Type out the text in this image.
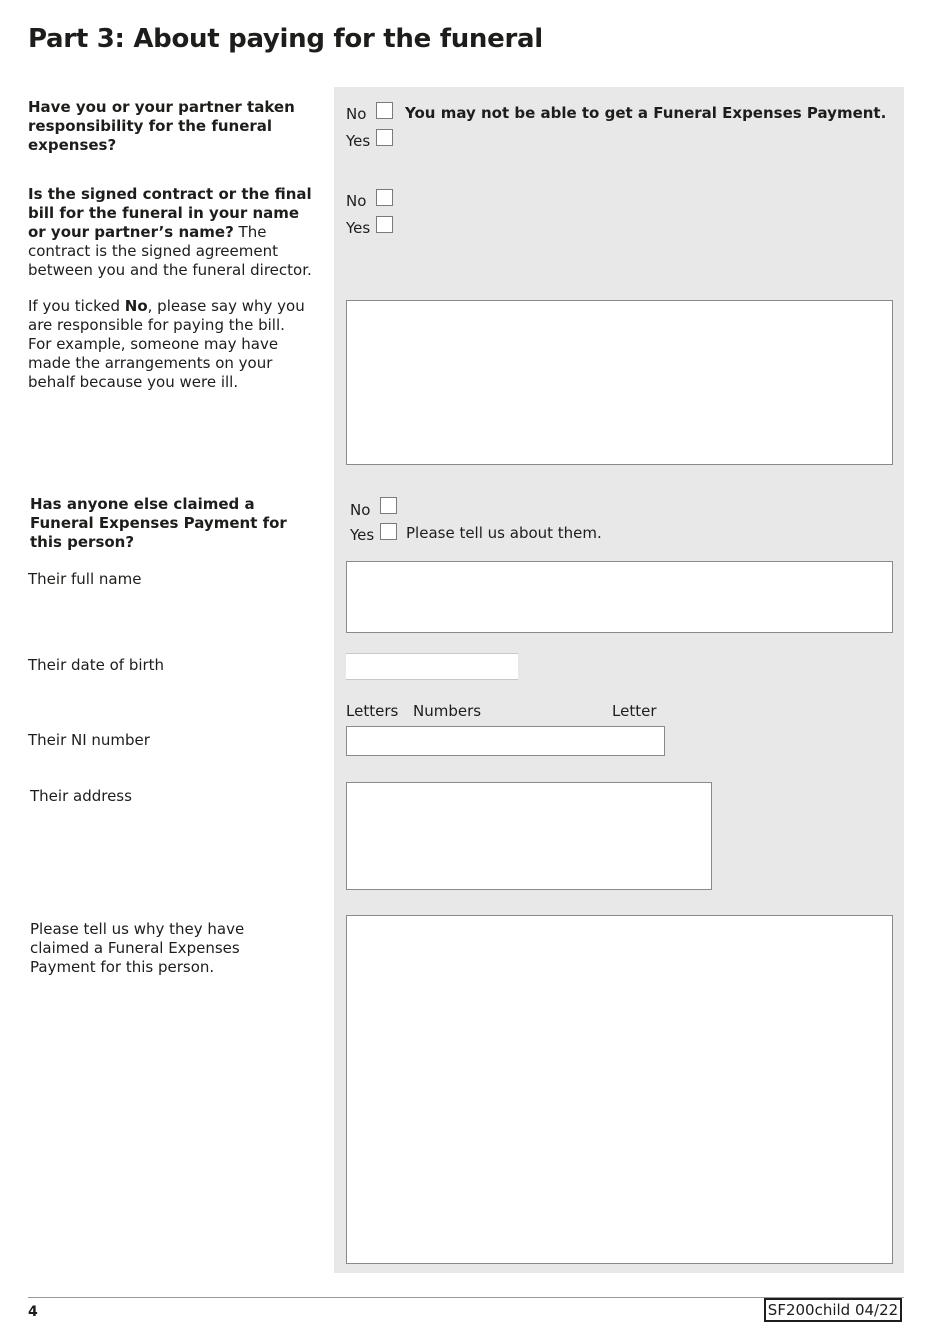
Part 3: About paying for the funeral
Have you or your partner taken responsibility for the funeral expenses?
No	You may not be able to get a Funeral Expenses Payment.
Yes
Is the signed contract or the final bill for the funeral in your name or your partner’s name? The contract is the signed agreement between you and the funeral director.
No
Yes
If you ticked No, please say why you are responsible for paying the bill.
For example, someone may have made the arrangements on your behalf because you were ill.
Has anyone else claimed a Funeral Expenses Payment for this person?
No
Yes Please tell us about them.
Their full name
Their date of birth
Letters Numbers	Letter
Their NI number
Their address
Please tell us why they have claimed a Funeral Expenses Payment for this person.
4	SF200child 04/22
